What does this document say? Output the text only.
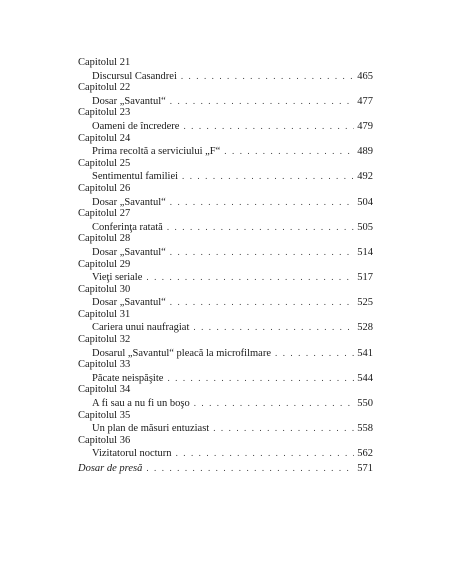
Capitolul 21
Discursul Casandrei . . .	465
Capitolul 22
Dosar „Savantul“ . . .	477
Capitolul 23
Oameni de încredere . . .	479
Capitolul 24
Prima recoltă a serviciului „F“ . . .	489
Capitolul 25
Sentimentul familiei . . .	492
Capitolul 26
Dosar „Savantul“ . . .	504
Capitolul 27
Conferinţa ratată . . .	505
Capitolul 28
Dosar „Savantul“ . . .	514
Capitolul 29
Vieţi seriale . . .	517
Capitolul 30
Dosar „Savantul“ . . .	525
Capitolul 31
Cariera unui naufragiat . . .	528
Capitolul 32
Dosarul „Savantul“ pleacă la microfilmare . . .	541
Capitolul 33
Păcate neispăşite . . .	544
Capitolul 34
A fi sau a nu fi un boşo . . .	550
Capitolul 35
Un plan de măsuri entuziast . . .	558
Capitolul 36
Vizitatorul nocturn . . .	562
Dosar de presă . . .	571
